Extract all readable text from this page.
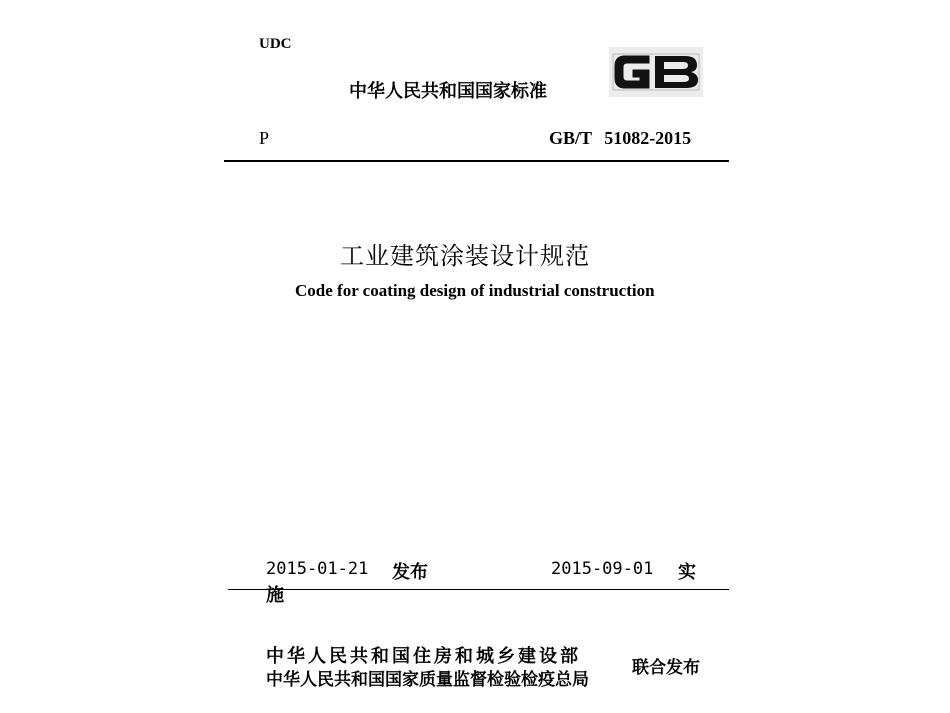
UDC
中华人民共和国国家标准
P	GB/T 51082-2015
工业建筑涂装设计规范
Code for coating design of industrial construction
2015-01-21 发布	2015-09-01 实
施
中华人民共和国住房和城乡建设部
中华人民共和国国家质量监督检验检疫总局
联合发布
